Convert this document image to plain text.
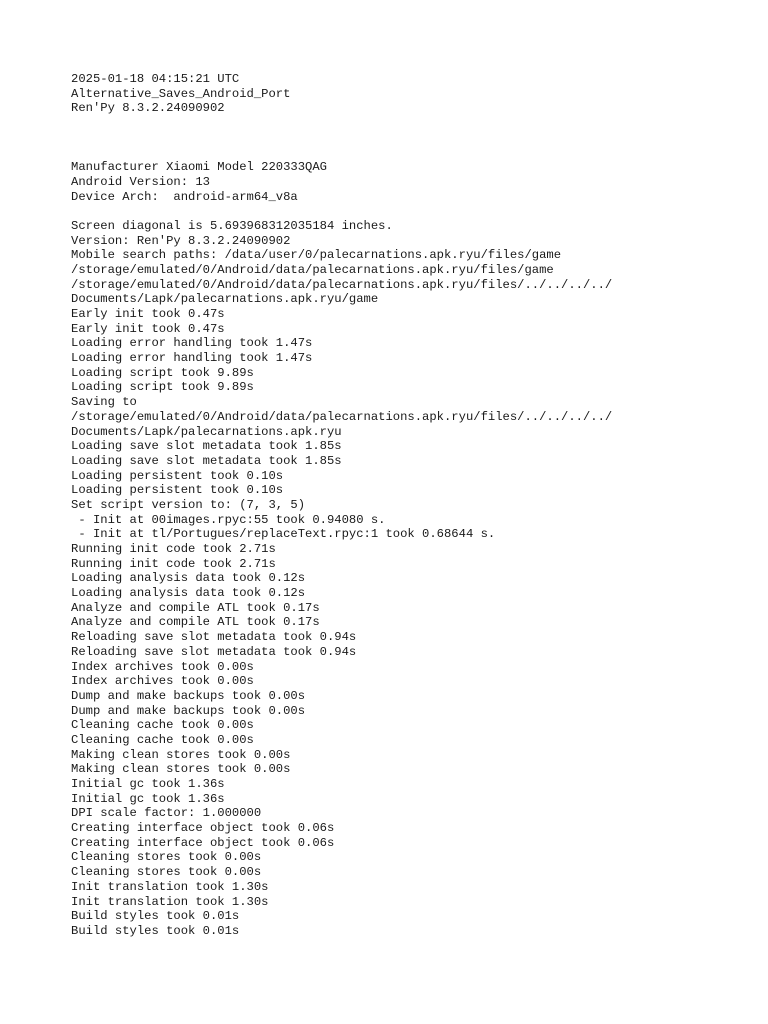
2025-01-18 04:15:21 UTC
Alternative_Saves_Android_Port
Ren'Py 8.3.2.24090902
Manufacturer Xiaomi Model 220333QAG
Android Version: 13
Device Arch:  android-arm64_v8a
Screen diagonal is 5.693968312035184 inches.
Version: Ren'Py 8.3.2.24090902
Mobile search paths: /data/user/0/palecarnations.apk.ryu/files/game
/storage/emulated/0/Android/data/palecarnations.apk.ryu/files/game
/storage/emulated/0/Android/data/palecarnations.apk.ryu/files/../../../../
Documents/Lapk/palecarnations.apk.ryu/game
Early init took 0.47s
Early init took 0.47s
Loading error handling took 1.47s
Loading error handling took 1.47s
Loading script took 9.89s
Loading script took 9.89s
Saving to
/storage/emulated/0/Android/data/palecarnations.apk.ryu/files/../../../../
Documents/Lapk/palecarnations.apk.ryu
Loading save slot metadata took 1.85s
Loading save slot metadata took 1.85s
Loading persistent took 0.10s
Loading persistent took 0.10s
Set script version to: (7, 3, 5)
- Init at 00images.rpyc:55 took 0.94080 s.
- Init at tl/Portugues/replaceText.rpyc:1 took 0.68644 s.
Running init code took 2.71s
Running init code took 2.71s
Loading analysis data took 0.12s
Loading analysis data took 0.12s
Analyze and compile ATL took 0.17s
Analyze and compile ATL took 0.17s
Reloading save slot metadata took 0.94s
Reloading save slot metadata took 0.94s
Index archives took 0.00s
Index archives took 0.00s
Dump and make backups took 0.00s
Dump and make backups took 0.00s
Cleaning cache took 0.00s
Cleaning cache took 0.00s
Making clean stores took 0.00s
Making clean stores took 0.00s
Initial gc took 1.36s
Initial gc took 1.36s
DPI scale factor: 1.000000
Creating interface object took 0.06s
Creating interface object took 0.06s
Cleaning stores took 0.00s
Cleaning stores took 0.00s
Init translation took 1.30s
Init translation took 1.30s
Build styles took 0.01s
Build styles took 0.01s
